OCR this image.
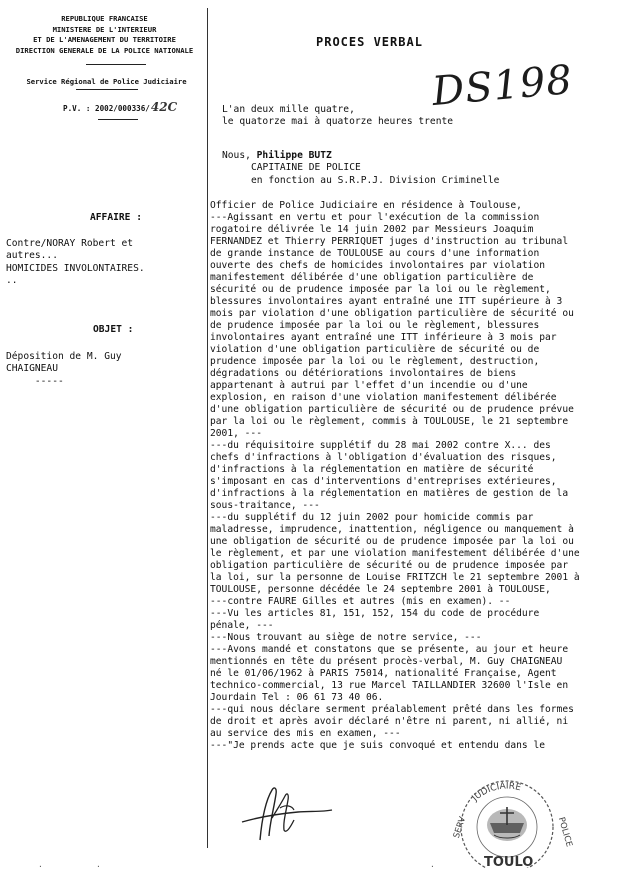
REPUBLIQUE FRANCAISE
MINISTERE DE L'INTERIEUR
ET DE L'AMENAGEMENT DU TERRITOIRE
DIRECTION GENERALE DE LA POLICE NATIONALE
Service Régional de Police Judiciaire
P.V. : 2002/000336/42C
PROCES VERBAL
DS198
L'an deux mille quatre,
le quatorze mai à quatorze heures trente
Nous, Philippe BUTZ
CAPITAINE DE POLICE
en fonction au S.R.P.J. Division Criminelle
AFFAIRE :
Contre/NORAY Robert et
autres...
HOMICIDES INVOLONTAIRES.
..
OBJET :
Déposition de M. Guy
CHAIGNEAU
-----
Officier de Police Judiciaire en résidence à Toulouse,
---Agissant en vertu et pour l'exécution de la commission
rogatoire délivrée le 14 juin 2002 par Messieurs Joaquim
FERNANDEZ et Thierry PERRIQUET juges d'instruction au tribunal
de grande instance de TOULOUSE au cours d'une information
ouverte des chefs de homicides involontaires par violation
manifestement délibérée d'une obligation particulière de
sécurité ou de prudence imposée par la loi ou le règlement,
blessures involontaires ayant entraîné une ITT supérieure à 3
mois par violation d'une obligation particulière de sécurité ou
de prudence imposée par la loi ou le règlement, blessures
involontaires ayant entraîné une ITT inférieure à 3 mois par
violation d'une obligation particulière de sécurité ou de
prudence imposée par la loi ou le règlement, destruction,
dégradations ou détériorations involontaires de biens
appartenant à autrui par l'effet d'un incendie ou d'une
explosion, en raison d'une violation manifestement délibérée
d'une obligation particulière de sécurité ou de prudence prévue
par la loi ou le règlement, commis à TOULOUSE, le 21 septembre
2001, ---
---du réquisitoire supplétif du 28 mai 2002 contre X... des
chefs d'infractions à l'obligation d'évaluation des risques,
d'infractions à la réglementation en matière de sécurité
s'imposant en cas d'interventions d'entreprises extérieures,
d'infractions à la réglementation en matières de gestion de la
sous-traitance, ---
---du supplétif du 12 juin 2002 pour homicide commis par
maladresse, imprudence, inattention, négligence ou manquement à
une obligation de sécurité ou de prudence imposée par la loi ou
le règlement, et par une violation manifestement délibérée d'une
obligation particulière de sécurité ou de prudence imposée par
la loi, sur la personne de Louise FRITZCH le 21 septembre 2001 à
TOULOUSE, personne décédée le 24 septembre 2001 à TOULOUSE,
---contre FAURE Gilles et autres (mis en examen). --
---Vu les articles 81, 151, 152, 154 du code de procédure
pénale, ---
---Nous trouvant au siège de notre service, ---
---Avons mandé et constatons que se présente, au jour et heure
mentionnés en tête du présent procès-verbal, M. Guy CHAIGNEAU
né le 01/06/1962 à PARIS 75014, nationalité Française, Agent
technico-commercial, 13 rue Marcel TAILLANDIER 32600 l'Isle en
Jourdain Tel : 06 61 73 40 06.
---qui nous déclare serment préalablement prêté dans les formes
de droit et après avoir déclaré n'être ni parent, ni allié, ni
au service des mis en examen, ---
---"Je prends acte que je suis convoqué et entendu dans le
JUDICIAIRE
SERV	POLICE
TOULO
·	·	·
